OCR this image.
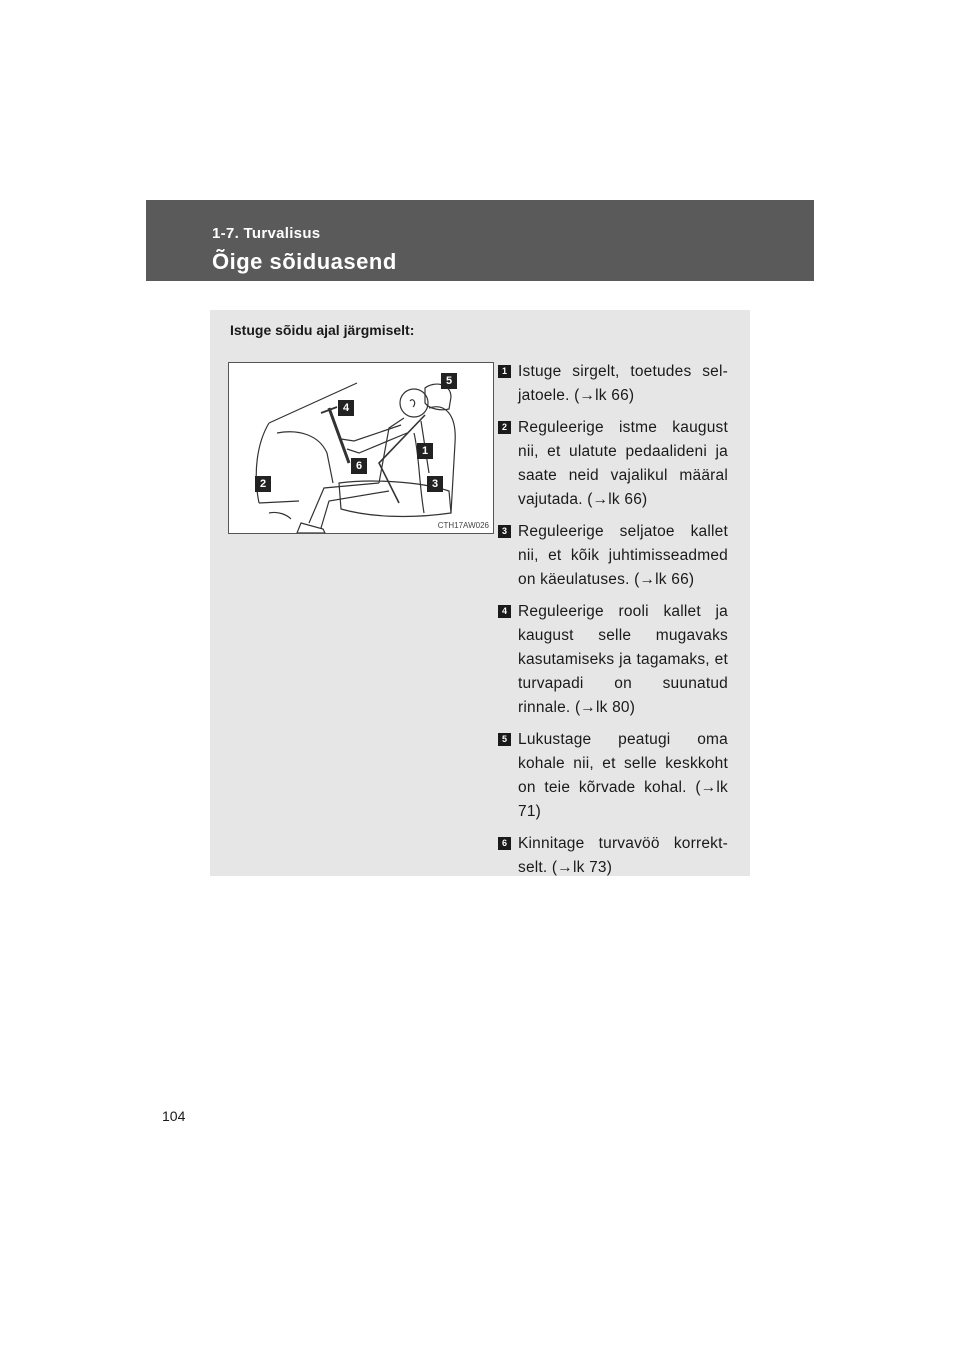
1-7. Turvalisus
Õige sõiduasend
Istuge sõidu ajal järgmiselt:
5
4
1
6
2	3
CTH17AW026
1 Istuge sirgelt, toetudes sel-jatoele. (→lk 66)
2 Reguleerige istme kaugust nii, et ulatute pedaalideni ja saate neid vajalikul määral vajutada. (→lk 66)
3 Reguleerige seljatoe kallet nii, et kõik juhtimisseadmed on käeulatuses. (→lk 66)
4 Reguleerige rooli kallet ja kaugust selle mugavaks kasutamiseks ja tagamaks, et turvapadi on suunatud rinnale. (→lk 80)
5 Lukustage peatugi oma kohale nii, et selle keskkoht on teie kõrvade kohal. (→lk 71)
6 Kinnitage turvavöö korrekt-selt. (→lk 73)
104
